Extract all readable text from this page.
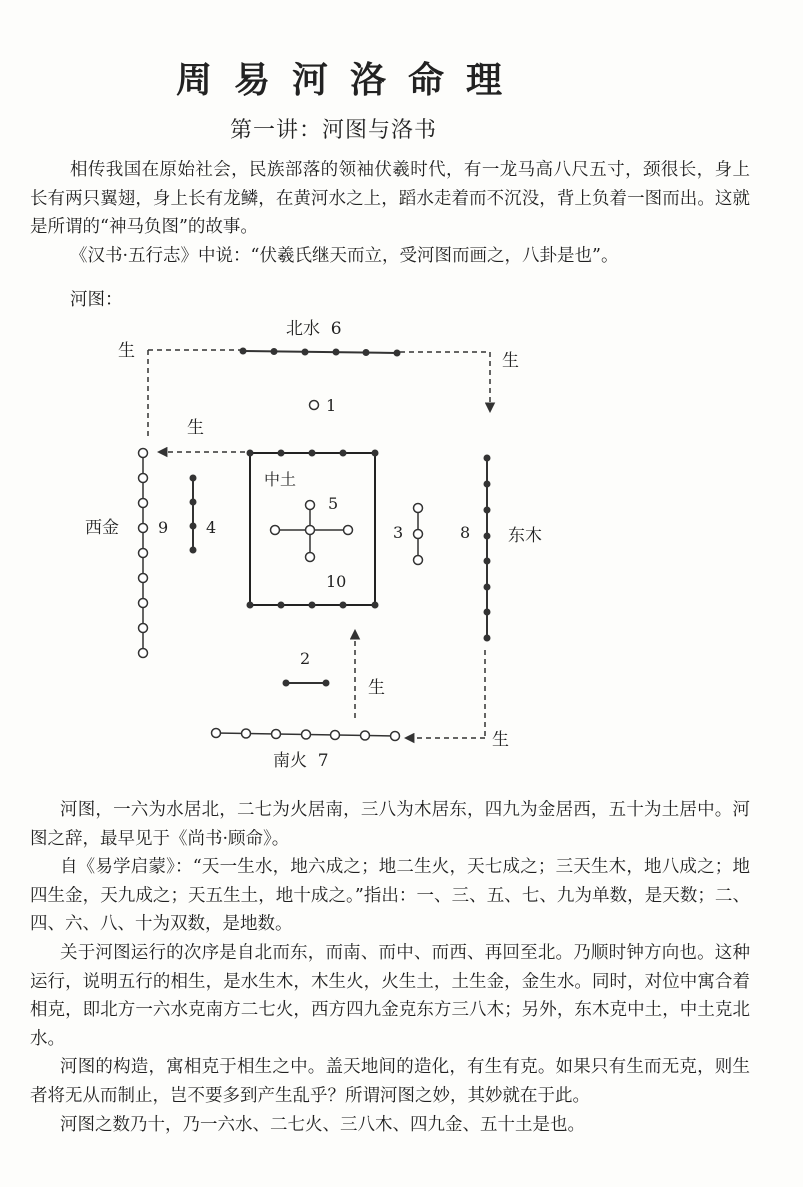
周易河洛命理
第一讲：河图与洛书
相传我国在原始社会，民族部落的领袖伏羲时代，有一龙马高八尺五寸，颈很长，身上长有两只翼翅，身上长有龙鳞，在黄河水之上，蹈水走着而不沉没，背上负着一图而出。这就是所谓的“神马负图”的故事。
《汉书·五行志》中说：“伏羲氏继天而立，受河图而画之，八卦是也”。
河图：
北水  6
南火  7
西金	东木
中土
生	生
生
生
生
1
2
3
4
5
8
9
10

河图，一六为水居北，二七为火居南，三八为木居东，四九为金居西，五十为土居中。河图之辞，最早见于《尚书·顾命》。

自《易学启蒙》：“天一生水，地六成之；地二生火，天七成之；三天生木，地八成之；地四生金，天九成之；天五生土，地十成之。”指出：一、三、五、七、九为单数，是天数；二、四、六、八、十为双数，是地数。

关于河图运行的次序是自北而东，而南、而中、而西、再回至北。乃顺时钟方向也。这种运行，说明五行的相生，是水生木，木生火，火生土，土生金，金生水。同时，对位中寓合着相克，即北方一六水克南方二七火，西方四九金克东方三八木；另外，东木克中土，中土克北水。

河图的构造，寓相克于相生之中。盖天地间的造化，有生有克。如果只有生而无克，则生者将无从而制止，岂不要多到产生乱乎？所谓河图之妙，其妙就在于此。

河图之数乃十，乃一六水、二七火、三八木、四九金、五十土是也。
